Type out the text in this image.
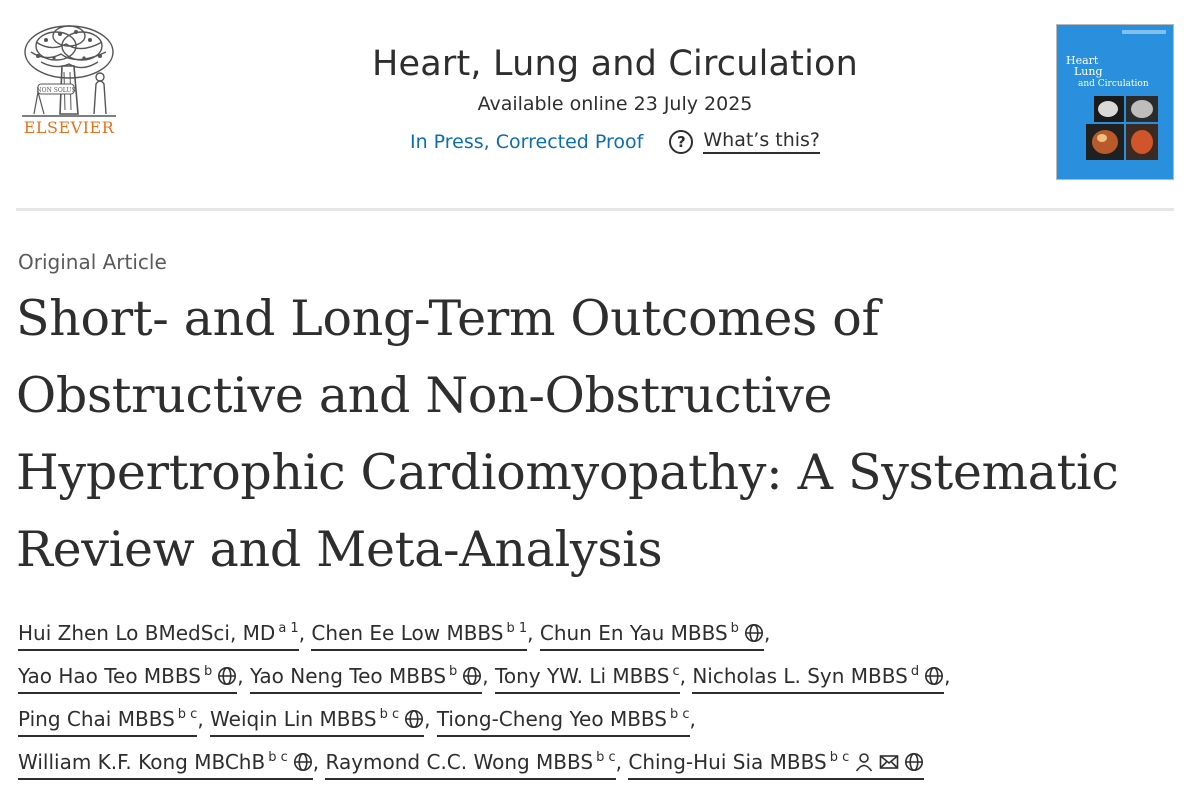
NON SOLUS
ELSEVIER
Heart, Lung and Circulation
Available online 23 July 2025
In Press, Corrected Proof	? What’s this?
Heart
Lung
and Circulation
Original Article
Short- and Long-Term Outcomes of
Obstructive and Non-Obstructive
Hypertrophic Cardiomyopathy: A Systematic
Review and Meta-Analysis
Hui Zhen Lo BMedSci, MD $^{a 1}$, Chen Ee Low MBBS $^{b 1}$, Chun En Yau MBBS $^b$ ,
Yao Hao Teo MBBS $^b$ , Yao Neng Teo MBBS $^b$ , Tony YW. Li MBBS $^c$, Nicholas L. Syn MBBS $^d$ ,
Ping Chai MBBS $^{b c}$, Weiqin Lin MBBS $^{b c}$ , Tiong-Cheng Yeo MBBS $^{b c}$,
William K.F. Kong MBChB $^{b c}$ , Raymond C.C. Wong MBBS $^{b c}$, Ching-Hui Sia MBBS $^{b c}$
